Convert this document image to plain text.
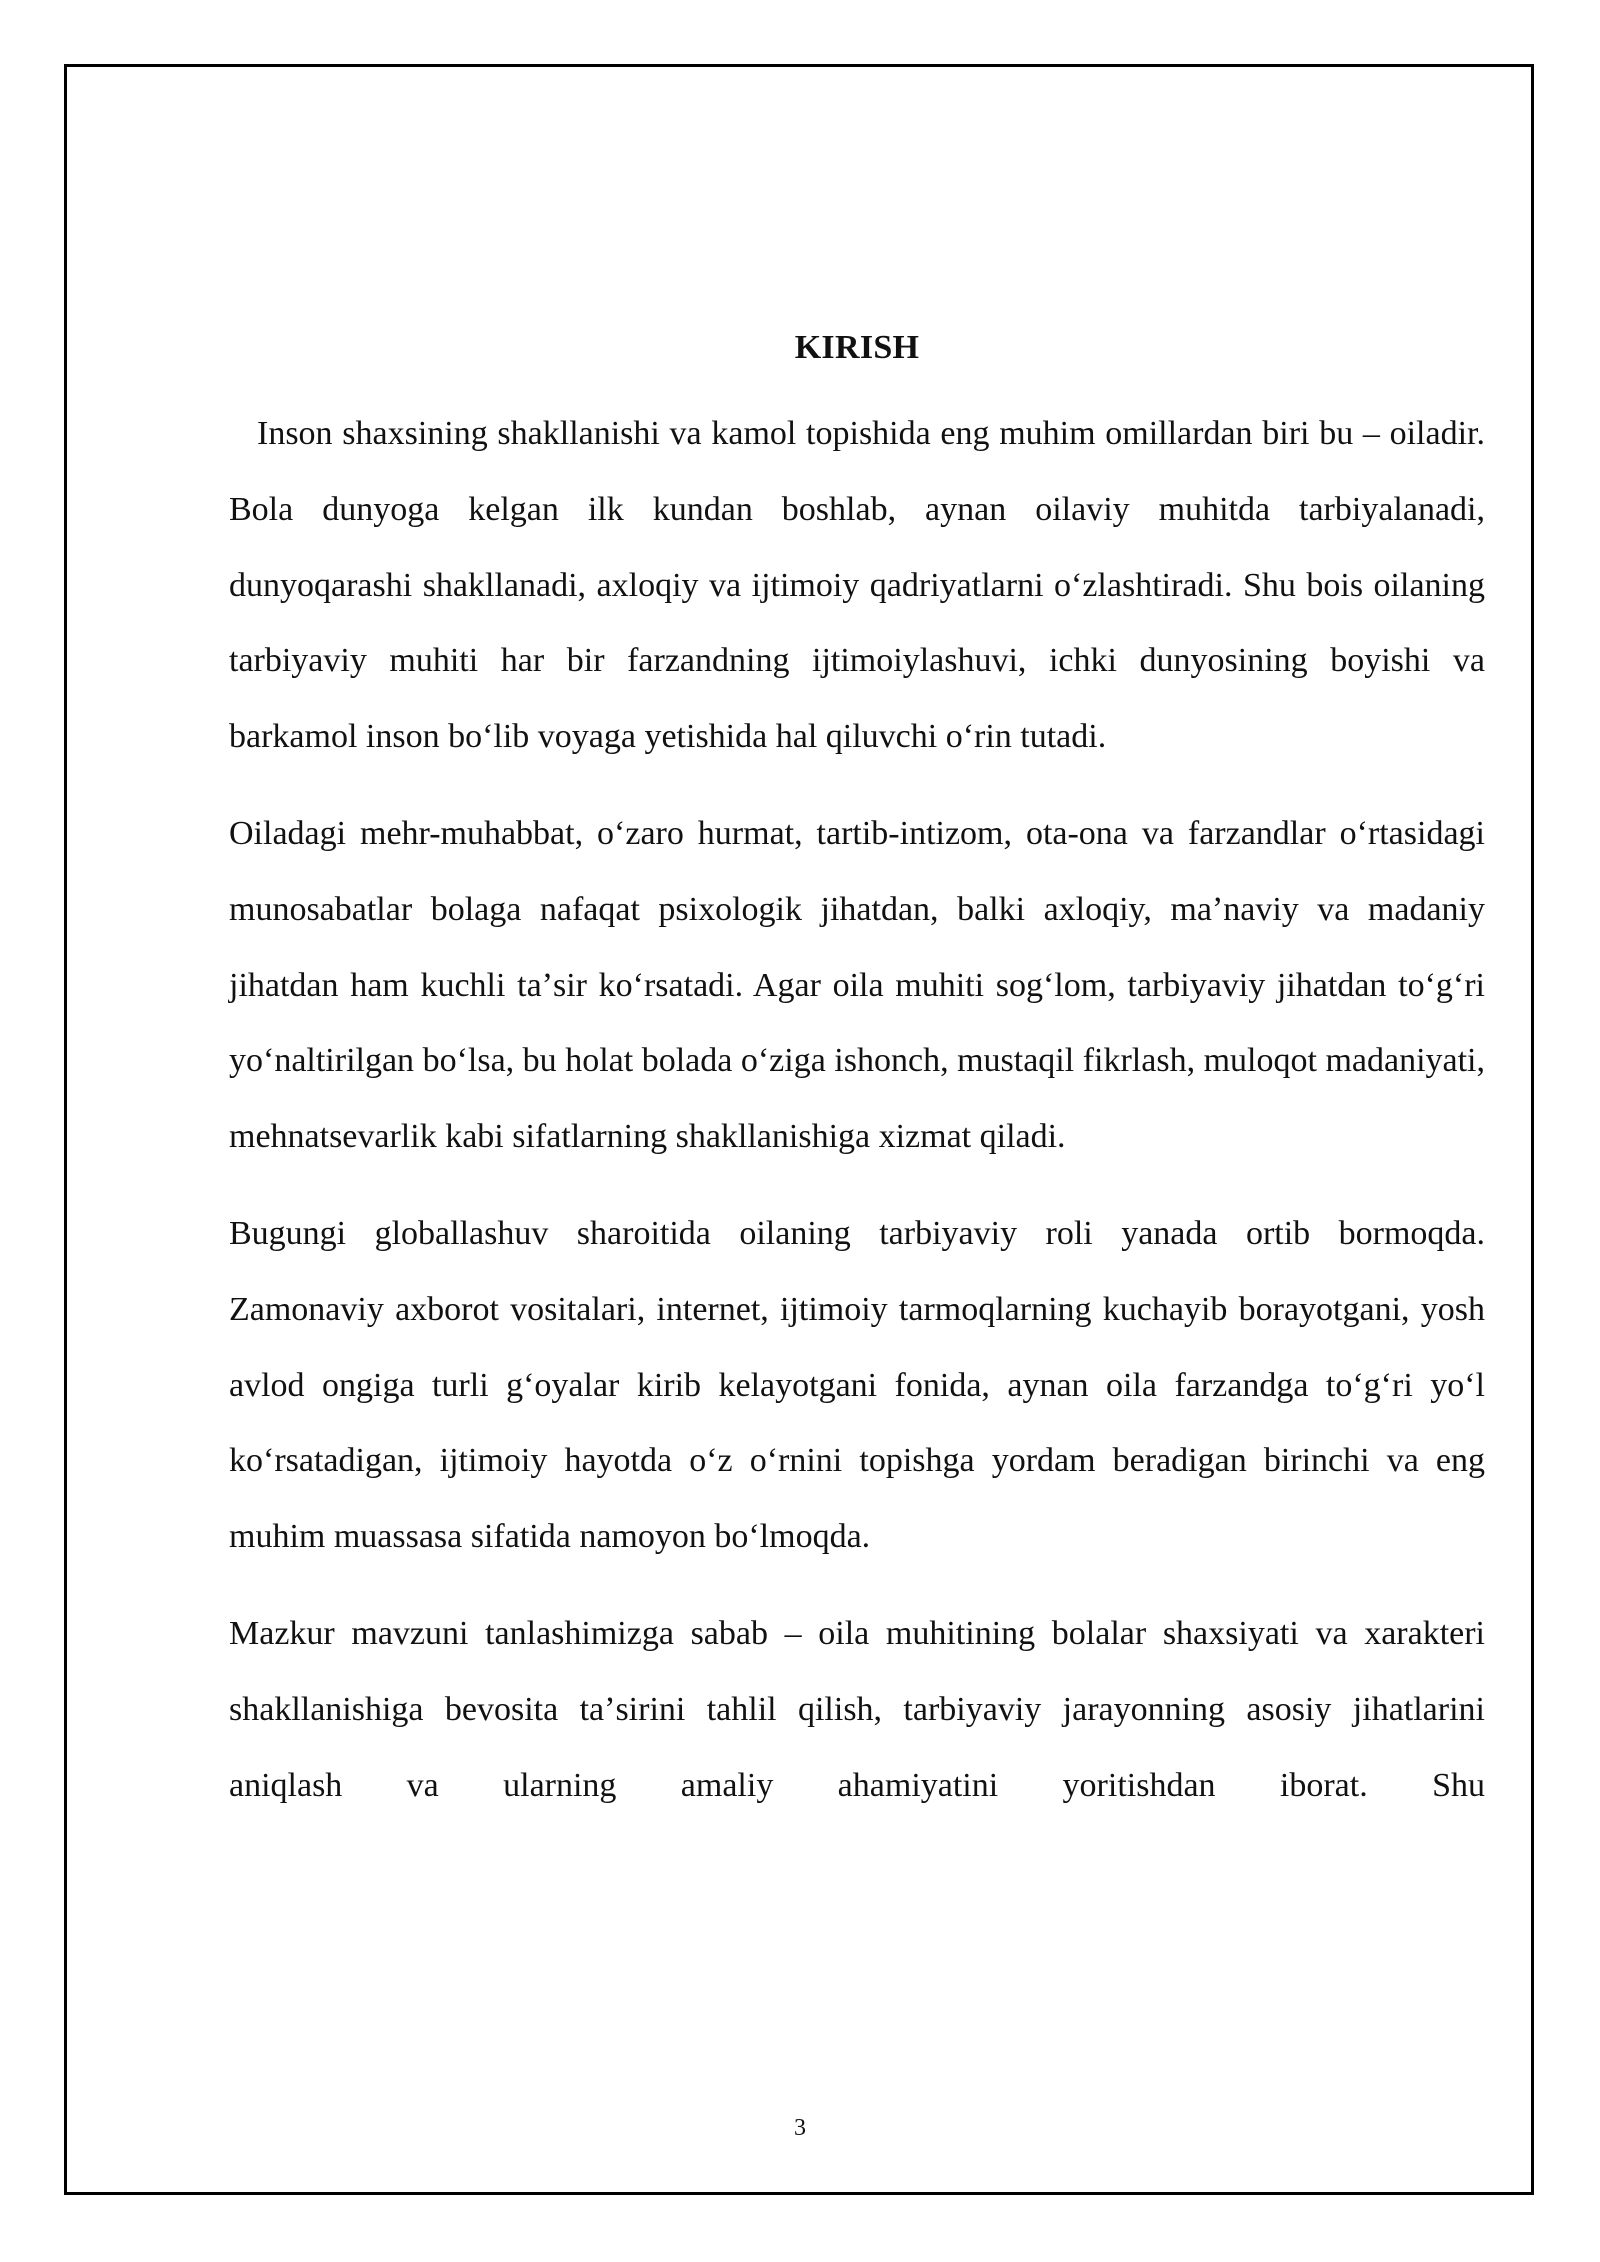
KIRISH

Inson shaxsining shakllanishi va kamol topishida eng muhim omillardan biri bu – oiladir. Bola dunyoga kelgan ilk kundan boshlab, aynan oilaviy muhitda tarbiyalanadi, dunyoqarashi shakllanadi, axloqiy va ijtimoiy qadriyatlarni oʻzlashtiradi. Shu bois oilaning tarbiyaviy muhiti har bir farzandning ijtimoiylashuvi, ichki dunyosining boyishi va barkamol inson boʻlib voyaga yetishida hal qiluvchi oʻrin tutadi.

Oiladagi mehr-muhabbat, oʻzaro hurmat, tartib-intizom, ota-ona va farzandlar oʻrtasidagi munosabatlar bolaga nafaqat psixologik jihatdan, balki axloqiy, maʼnaviy va madaniy jihatdan ham kuchli taʼsir koʻrsatadi. Agar oila muhiti sogʻlom, tarbiyaviy jihatdan toʻgʻri yoʻnaltirilgan boʻlsa, bu holat bolada oʻziga ishonch, mustaqil fikrlash, muloqot madaniyati, mehnatsevarlik kabi sifatlarning shakllanishiga xizmat qiladi.

Bugungi globallashuv sharoitida oilaning tarbiyaviy roli yanada ortib bormoqda. Zamonaviy axborot vositalari, internet, ijtimoiy tarmoqlarning kuchayib borayotgani, yosh avlod ongiga turli gʻoyalar kirib kelayotgani fonida, aynan oila farzandga toʻgʻri yoʻl koʻrsatadigan, ijtimoiy hayotda oʻz oʻrnini topishga yordam beradigan birinchi va eng muhim muassasa sifatida namoyon boʻlmoqda.

Mazkur mavzuni tanlashimizga sabab – oila muhitining bolalar shaxsiyati va xarakteri shakllanishiga bevosita taʼsirini tahlil qilish, tarbiyaviy jarayonning asosiy jihatlarini aniqlash va ularning amaliy ahamiyatini yoritishdan iborat. Shu

3
